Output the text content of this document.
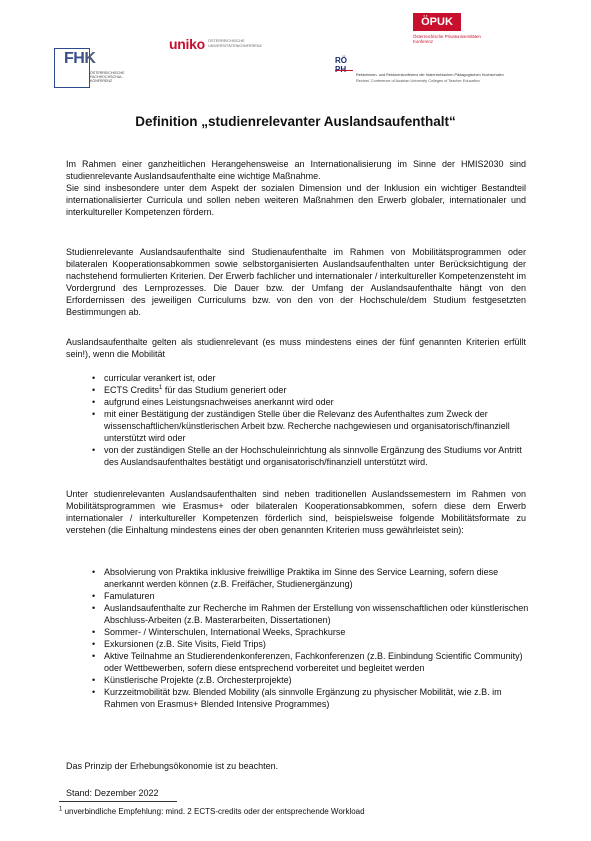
FHK
ÖSTERREICHISCHE FACHHOCHSCHUL-KONFERENZ
uniko ÖSTERREICHISCHE UNIVERSITÄTENKONFERENZ
ÖPUK
Österreichische Privatuniversitäten Konferenz
RÖ
Rektorinnen- und Rektorenkonferenz der österreichischen Pädagogischen Hochschulen
Rectors' Conference of Austrian University Colleges of Teacher Education
Definition „studienrelevanter Auslandsaufenthalt“

Im Rahmen einer ganzheitlichen Herangehensweise an Internationalisierung im Sinne der HMIS2030 sind studienrelevante Auslandsaufenthalte eine wichtige Maßnahme.

Sie sind insbesondere unter dem Aspekt der sozialen Dimension und der Inklusion ein wichtiger Bestandteil internationalisierter Curricula und sollen neben weiteren Maßnahmen den Erwerb globaler, internationaler und interkultureller Kompetenzen fördern.

Studienrelevante Auslandsaufenthalte sind Studienaufenthalte im Rahmen von Mobilitätsprogrammen oder bilateralen Kooperationsabkommen sowie selbstorganisierten Auslandsaufenthalten unter Berücksichtigung der nachstehend formulierten Kriterien. Der Erwerb fachlicher und internationaler / interkultureller Kompetenzensteht im Vordergrund des Lernprozesses. Die Dauer bzw. der Umfang der Auslandsaufenthalte hängt von den Erfordernissen des jeweiligen Curriculums bzw. von den von der Hochschule/dem Studium festgesetzten Bestimmungen ab.
Auslandsaufenthalte gelten als studienrelevant (es muss mindestens eines der fünf genannten Kriterien erfüllt sein!), wenn die Mobilität
• curricular verankert ist, oder
• ECTS Credits$^1$ für das Studium generiert oder
• aufgrund eines Leistungsnachweises anerkannt wird oder
• mit einer Bestätigung der zuständigen Stelle über die Relevanz des Aufenthaltes zum Zweck der wissenschaftlichen/künstlerischen Arbeit bzw. Recherche nachgewiesen und organisatorisch/finanziell unterstützt wird oder
• von der zuständigen Stelle an der Hochschuleinrichtung als sinnvolle Ergänzung des Studiums vor Antritt des Auslandsaufenthaltes bestätigt und organisatorisch/finanziell unterstützt wird.
Unter studienrelevanten Auslandsaufenthalten sind neben traditionellen Auslandssemestern im Rahmen von Mobilitätsprogrammen wie Erasmus+ oder bilateralen Kooperationsabkommen, sofern diese dem Erwerb internationaler / interkultureller Kompetenzen förderlich sind, beispielsweise folgende Mobilitätsformate zu verstehen (die Einhaltung mindestens eines der oben genannten Kriterien muss gewährleistet sein):
• Absolvierung von Praktika inklusive freiwillige Praktika im Sinne des Service Learning, sofern diese anerkannt werden können (z.B. Freifächer, Studienergänzung)
• Famulaturen
• Auslandsaufenthalte zur Recherche im Rahmen der Erstellung von wissenschaftlichen oder künstlerischen Abschluss-Arbeiten (z.B. Masterarbeiten, Dissertationen)
• Sommer- / Winterschulen, International Weeks, Sprachkurse
• Exkursionen (z.B. Site Visits, Field Trips)
• Aktive Teilnahme an Studierendenkonferenzen, Fachkonferenzen (z.B. Einbindung Scientific Community) oder Wettbewerben, sofern diese entsprechend vorbereitet und begleitet werden
• Künstlerische Projekte (z.B. Orchesterprojekte)
• Kurzzeitmobilität bzw. Blended Mobility (als sinnvolle Ergänzung zu physischer Mobilität, wie z.B. im Rahmen von Erasmus+ Blended Intensive Programmes)
Das Prinzip der Erhebungsökonomie ist zu beachten.
Stand: Dezember 2022
$^1$ unverbindliche Empfehlung: mind. 2 ECTS-credits oder der entsprechende Workload
